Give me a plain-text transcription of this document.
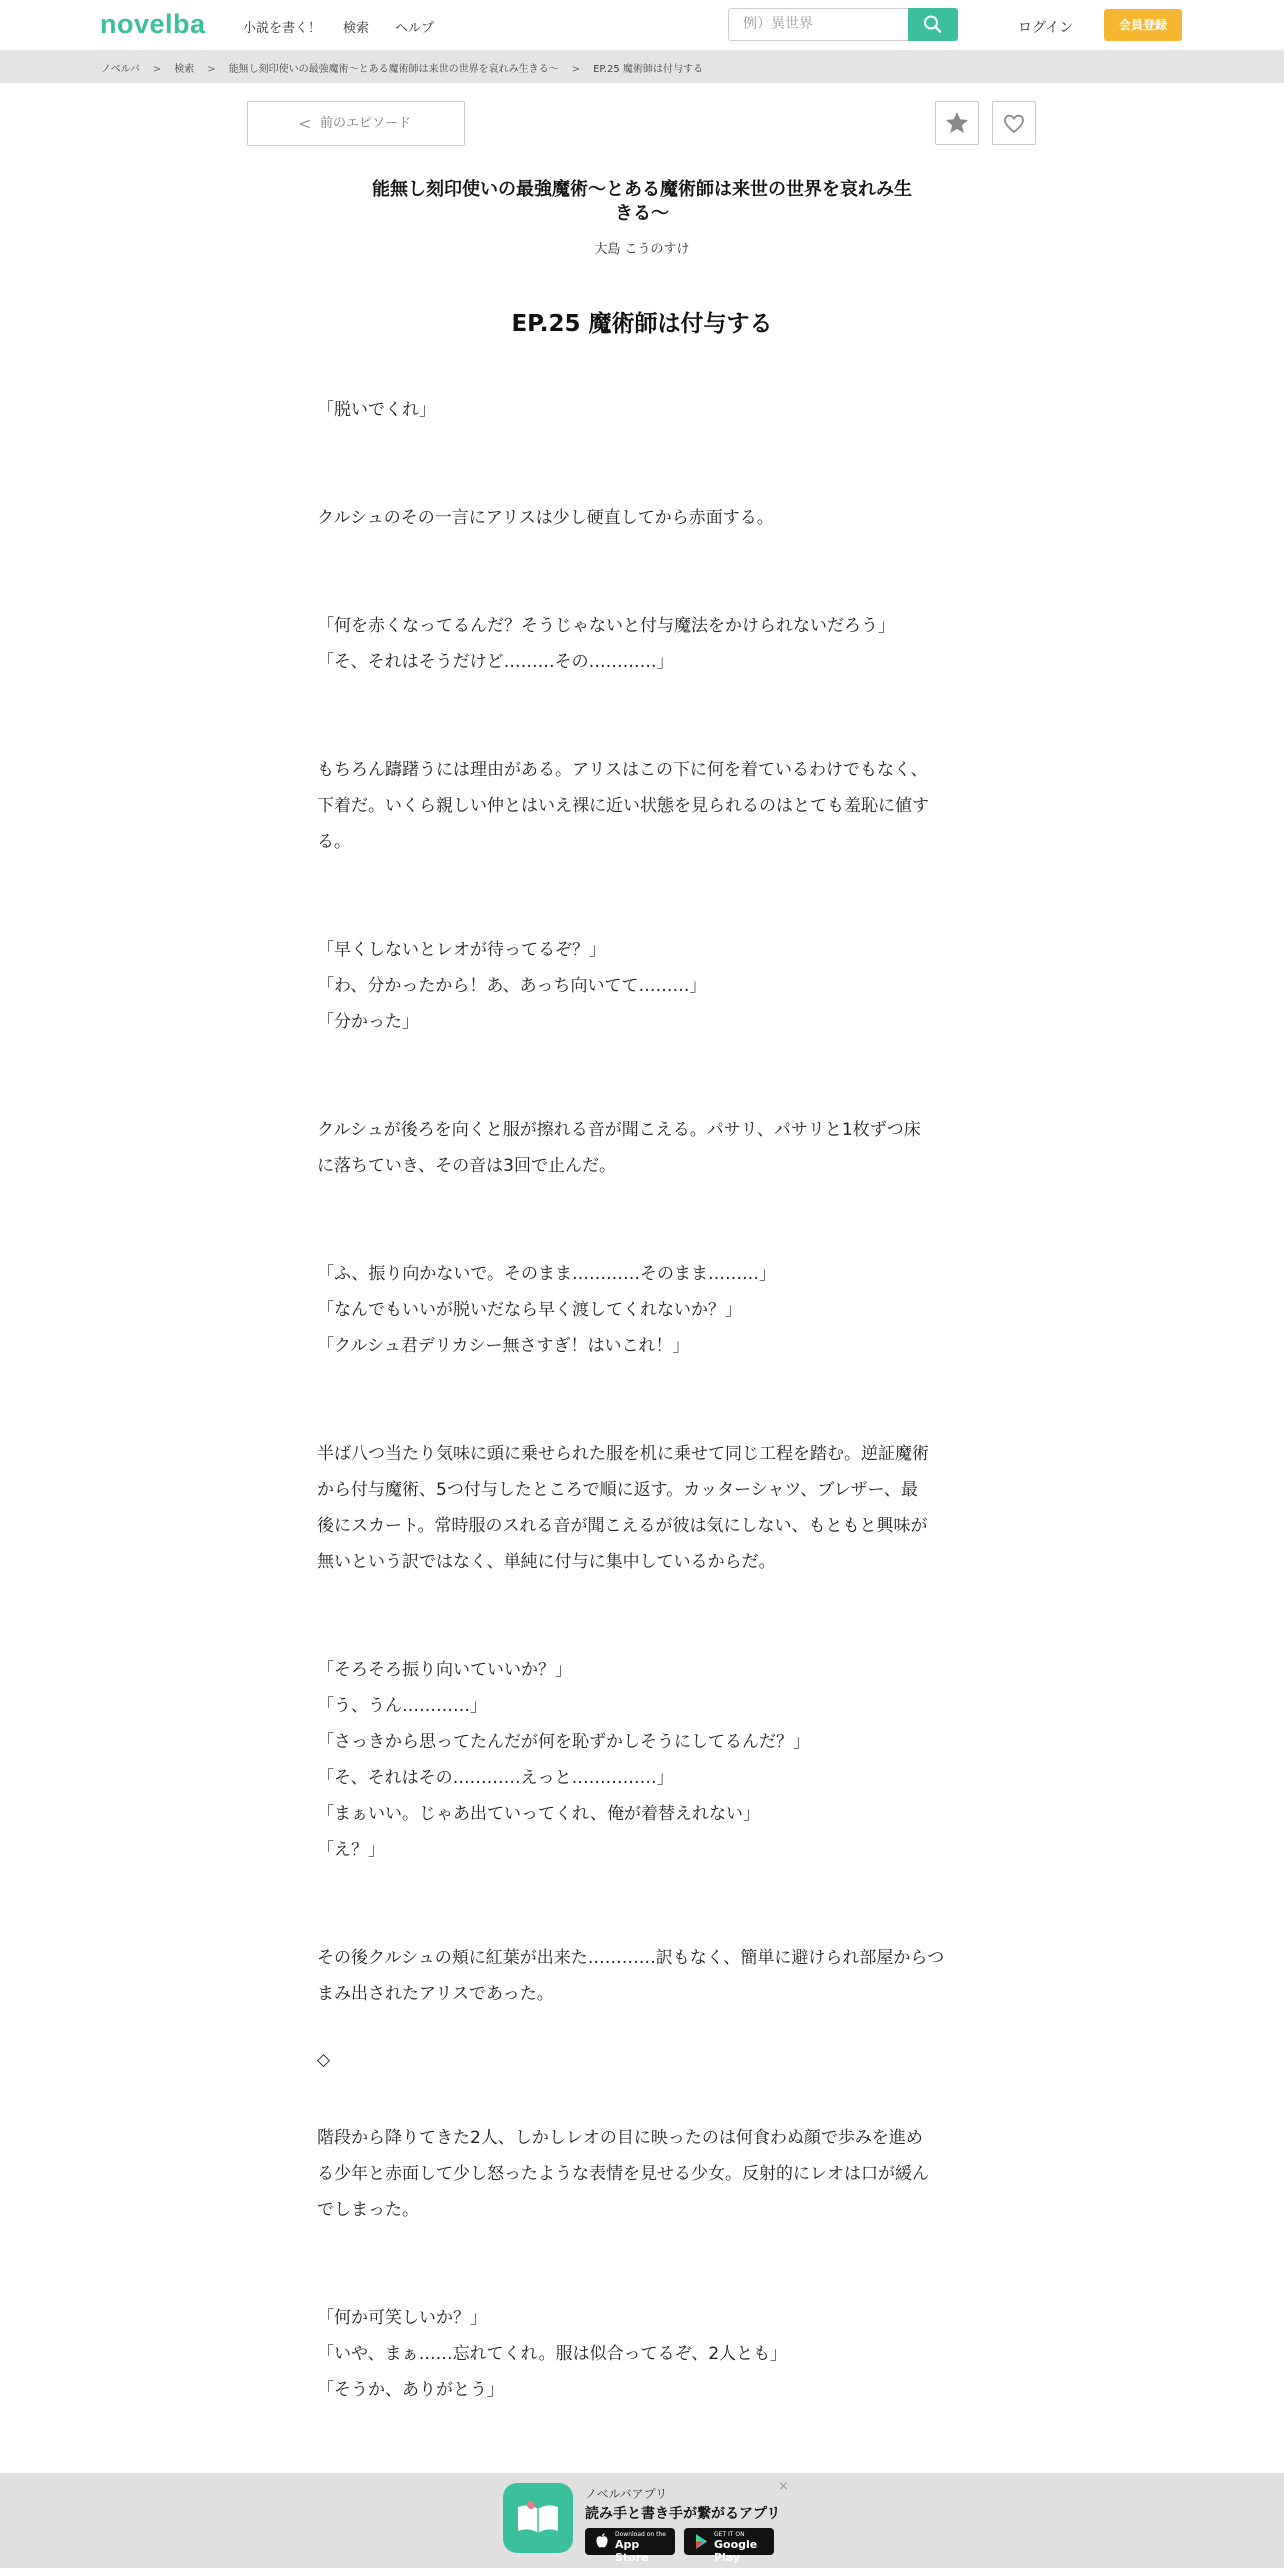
novelba	小説を書く！ 検索 ヘルプ	例）異世界	ログイン	会員登録
ノベルバ > 検索 > 能無し刻印使いの最強魔術〜とある魔術師は来世の世界を哀れみ生きる〜 > EP.25 魔術師は付与する
< 前のエピソード
能無し刻印使いの最強魔術〜とある魔術師は来世の世界を哀れみ生
きる〜
大島 こうのすけ
EP.25 魔術師は付与する
「脱いでくれ」
クルシュのその一言にアリスは少し硬直してから赤面する。
「何を赤くなってるんだ？そうじゃないと付与魔法をかけられないだろう」
「そ、それはそうだけど………その…………」
もちろん躊躇うには理由がある。アリスはこの下に何を着ているわけでもなく、
下着だ。いくら親しい仲とはいえ裸に近い状態を見られるのはとても羞恥に値す
る。
「早くしないとレオが待ってるぞ？」
「わ、分かったから！あ、あっち向いてて………」
「分かった」
クルシュが後ろを向くと服が擦れる音が聞こえる。パサリ、パサリと1枚ずつ床
に落ちていき、その音は3回で止んだ。
「ふ、振り向かないで。そのまま…………そのまま………」
「なんでもいいが脱いだなら早く渡してくれないか？」
「クルシュ君デリカシー無さすぎ！はいこれ！」
半ば八つ当たり気味に頭に乗せられた服を机に乗せて同じ工程を踏む。逆証魔術
から付与魔術、5つ付与したところで順に返す。カッターシャツ、ブレザー、最
後にスカート。常時服のスれる音が聞こえるが彼は気にしない、もともと興味が
無いという訳ではなく、単純に付与に集中しているからだ。
「そろそろ振り向いていいか？」
「う、うん…………」
「さっきから思ってたんだが何を恥ずかしそうにしてるんだ？」
「そ、それはその…………えっと……………」
「まぁいい。じゃあ出ていってくれ、俺が着替えれない」
「え？」
その後クルシュの頬に紅葉が出来た…………訳もなく、簡単に避けられ部屋からつ
まみ出されたアリスであった。
◇
階段から降りてきた2人、しかしレオの目に映ったのは何食わぬ顔で歩みを進め
る少年と赤面して少し怒ったような表情を見せる少女。反射的にレオは口が緩ん
でしまった。
「何か可笑しいか？」
「いや、まぁ……忘れてくれ。服は似合ってるぞ、2人とも」
「そうか、ありがとう」
ノベルバアプリ
読み手と書き手が繋がるアプリ
×
Download on the
App Store
GET IT ON
Google Play
